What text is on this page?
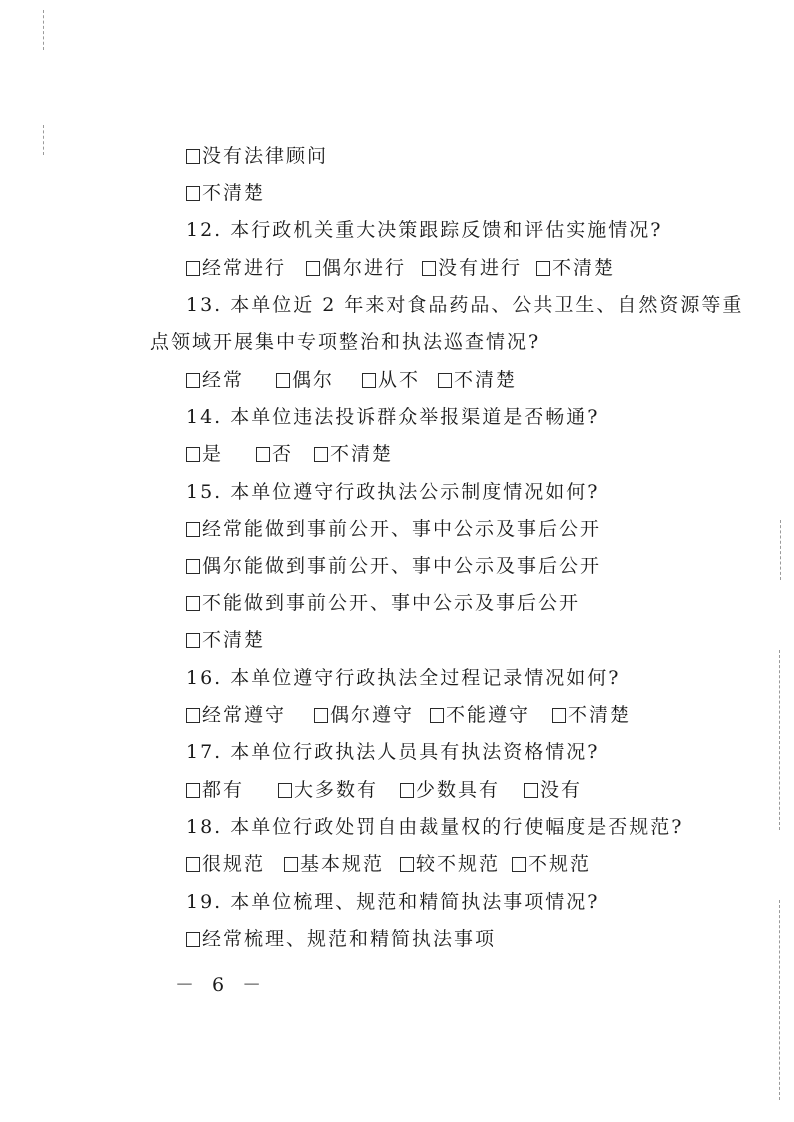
没有法律顾问
不清楚
12. 本行政机关重大决策跟踪反馈和评估实施情况?
经常进行 偶尔进行 没有进行 不清楚
13. 本单位近 2 年来对食品药品、公共卫生、自然资源等重
点领域开展集中专项整治和执法巡查情况?
经常	偶尔 从不 不清楚
14. 本单位违法投诉群众举报渠道是否畅通?
是	否 不清楚
15. 本单位遵守行政执法公示制度情况如何?
经常能做到事前公开、事中公示及事后公开
偶尔能做到事前公开、事中公示及事后公开
不能做到事前公开、事中公示及事后公开
不清楚
16. 本单位遵守行政执法全过程记录情况如何?
经常遵守 偶尔遵守 不能遵守 不清楚
17. 本单位行政执法人员具有执法资格情况?
都有	大多数有 少数具有 没有
18. 本单位行政处罚自由裁量权的行使幅度是否规范?
很规范 基本规范 较不规范 不规范
19. 本单位梳理、规范和精简执法事项情况?
经常梳理、规范和精简执法事项
－ 6 －
